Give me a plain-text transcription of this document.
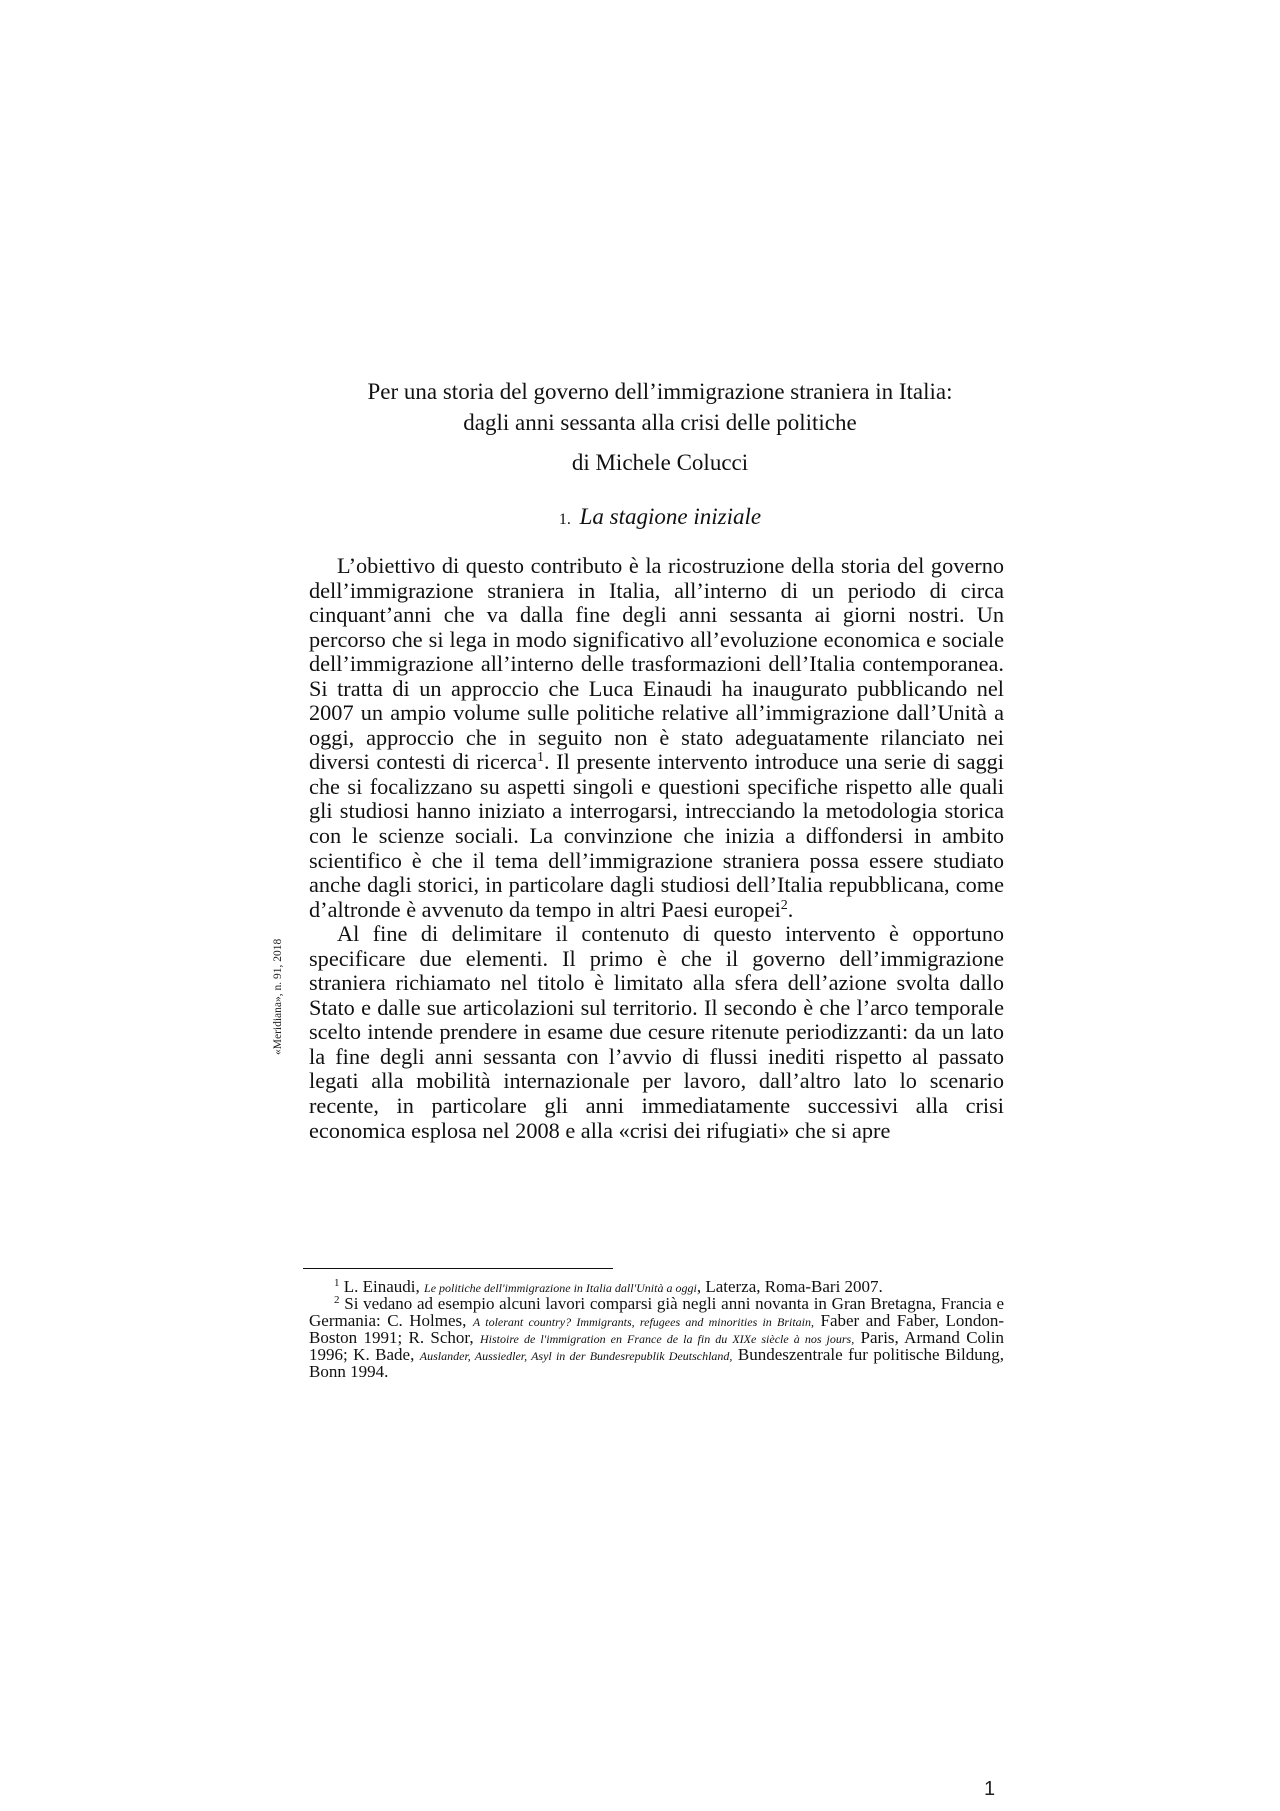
Per una storia del governo dell’immigrazione straniera in Italia:
dagli anni sessanta alla crisi delle politiche
di Michele Colucci
1. La stagione iniziale

L’obiettivo di questo contributo è la ricostruzione della storia del governo dell’immigrazione straniera in Italia, all’interno di un periodo di circa cinquant’anni che va dalla fine degli anni sessanta ai giorni nostri. Un percorso che si lega in modo significativo all’evoluzione economica e sociale dell’immigrazione all’interno delle trasformazioni dell’Italia contemporanea. Si tratta di un approccio che Luca Einaudi ha inaugurato pubblicando nel 2007 un ampio volume sulle politiche relative all’immigrazione dall’Unità a oggi, approccio che in seguito non è stato adeguatamente rilanciato nei diversi contesti di ricerca$^1$. Il presente intervento introduce una serie di saggi che si focalizzano su aspetti singoli e questioni specifiche rispetto alle quali gli studiosi hanno iniziato a interrogarsi, intrecciando la metodologia storica con le scienze sociali. La convinzione che inizia a diffondersi in ambito scientifico è che il tema dell’immigrazione straniera possa essere studiato anche dagli storici, in particolare dagli studiosi dell’Italia repubblicana, come d’altronde è avvenuto da tempo in altri Paesi europei$^2$.

Al fine di delimitare il contenuto di questo intervento è opportuno specificare due elementi. Il primo è che il governo dell’immigrazione straniera richiamato nel titolo è limitato alla sfera dell’azione svolta dallo Stato e dalle sue articolazioni sul territorio. Il secondo è che l’arco temporale scelto intende prendere in esame due cesure ritenute periodizzanti: da un lato la fine degli anni sessanta con l’avvio di flussi inediti rispetto al passato legati alla mobilità internazionale per lavoro, dall’altro lato lo scenario recente, in particolare gli anni immediatamente successivi alla crisi economica esplosa nel 2008 e alla «crisi dei rifugiati» che si apre

«Meridiana», n. 91, 2018

$^1$ L. Einaudi, Le politiche dell'immigrazione in Italia dall'Unità a oggi, Laterza, Roma-Bari 2007.

$^2$ Si vedano ad esempio alcuni lavori comparsi già negli anni novanta in Gran Bretagna, Francia e Germania: C. Holmes, A tolerant country? Immigrants, refugees and minorities in Britain, Faber and Faber, London-Boston 1991; R. Schor, Histoire de l'immigration en France de la fin du XIXe siècle à nos jours, Paris, Armand Colin 1996; K. Bade, Auslander, Aussiedler, Asyl in der Bundesrepublik Deutschland, Bundeszentrale fur politische Bildung, Bonn 1994.

1
